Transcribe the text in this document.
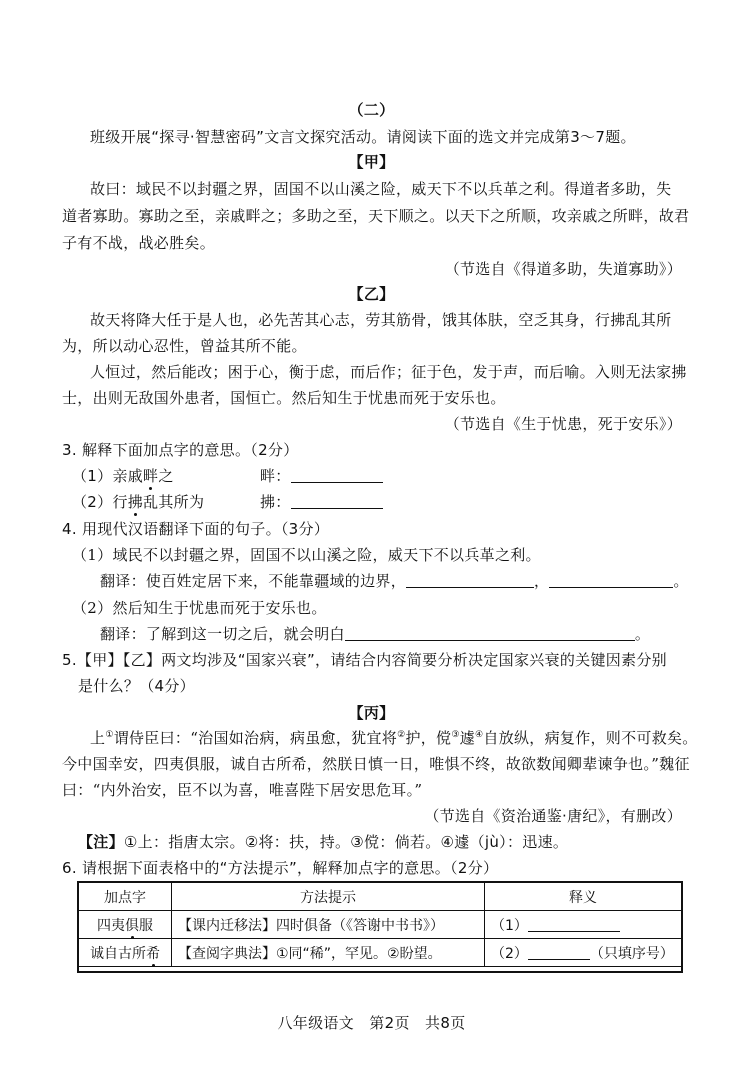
（二）
班级开展“探寻·智慧密码”文言文探究活动。请阅读下面的选文并完成第3～7题。
【甲】
故曰：域民不以封疆之界，固国不以山溪之险，威天下不以兵革之利。得道者多助，失
道者寡助。寡助之至，亲戚畔之；多助之至，天下顺之。以天下之所顺，攻亲戚之所畔，故君
子有不战，战必胜矣。
（节选自《得道多助，失道寡助》）
【乙】
故天将降大任于是人也，必先苦其心志，劳其筋骨，饿其体肤，空乏其身，行拂乱其所
为，所以动心忍性，曾益其所不能。
人恒过，然后能改；困于心，衡于虑，而后作；征于色，发于声，而后喻。入则无法家拂
士，出则无敌国外患者，国恒亡。然后知生于忧患而死于安乐也。
（节选自《生于忧患，死于安乐》）
3. 解释下面加点字的意思。（2分）
（1）亲戚畔之	畔：
（2）行拂乱其所为	拂：
4. 用现代汉语翻译下面的句子。（3分）
（1）域民不以封疆之界，固国不以山溪之险，威天下不以兵革之利。
翻译：使百姓定居下来，不能靠疆域的边界，	，	。
（2）然后知生于忧患而死于安乐也。
翻译：了解到这一切之后，就会明白	。
5.【甲】【乙】两文均涉及“国家兴衰”，请结合内容简要分析决定国家兴衰的关键因素分别
是什么？（4分）
【丙】
上①谓侍臣曰：“治国如治病，病虽愈，犹宜将②护，傥③遽④自放纵，病复作，则不可救矣。
今中国幸安，四夷俱服，诚自古所希，然朕日慎一日，唯惧不终，故欲数闻卿辈谏争也。”魏征
曰：“内外治安，臣不以为喜，唯喜陛下居安思危耳。”
（节选自《资治通鉴·唐纪》，有删改）
【注】①上：指唐太宗。②将：扶，持。③傥：倘若。④遽（jù）：迅速。
6. 请根据下面表格中的“方法提示”，解释加点字的意思。（2分）
加点字	方法提示	释义
四夷俱服	【课内迁移法】四时俱备（《答谢中书书》）	（1）
诚自古所希	【查阅字典法】①同“稀”，罕见。②盼望。	（2） （只填序号）
八年级语文　第2页　共8页
